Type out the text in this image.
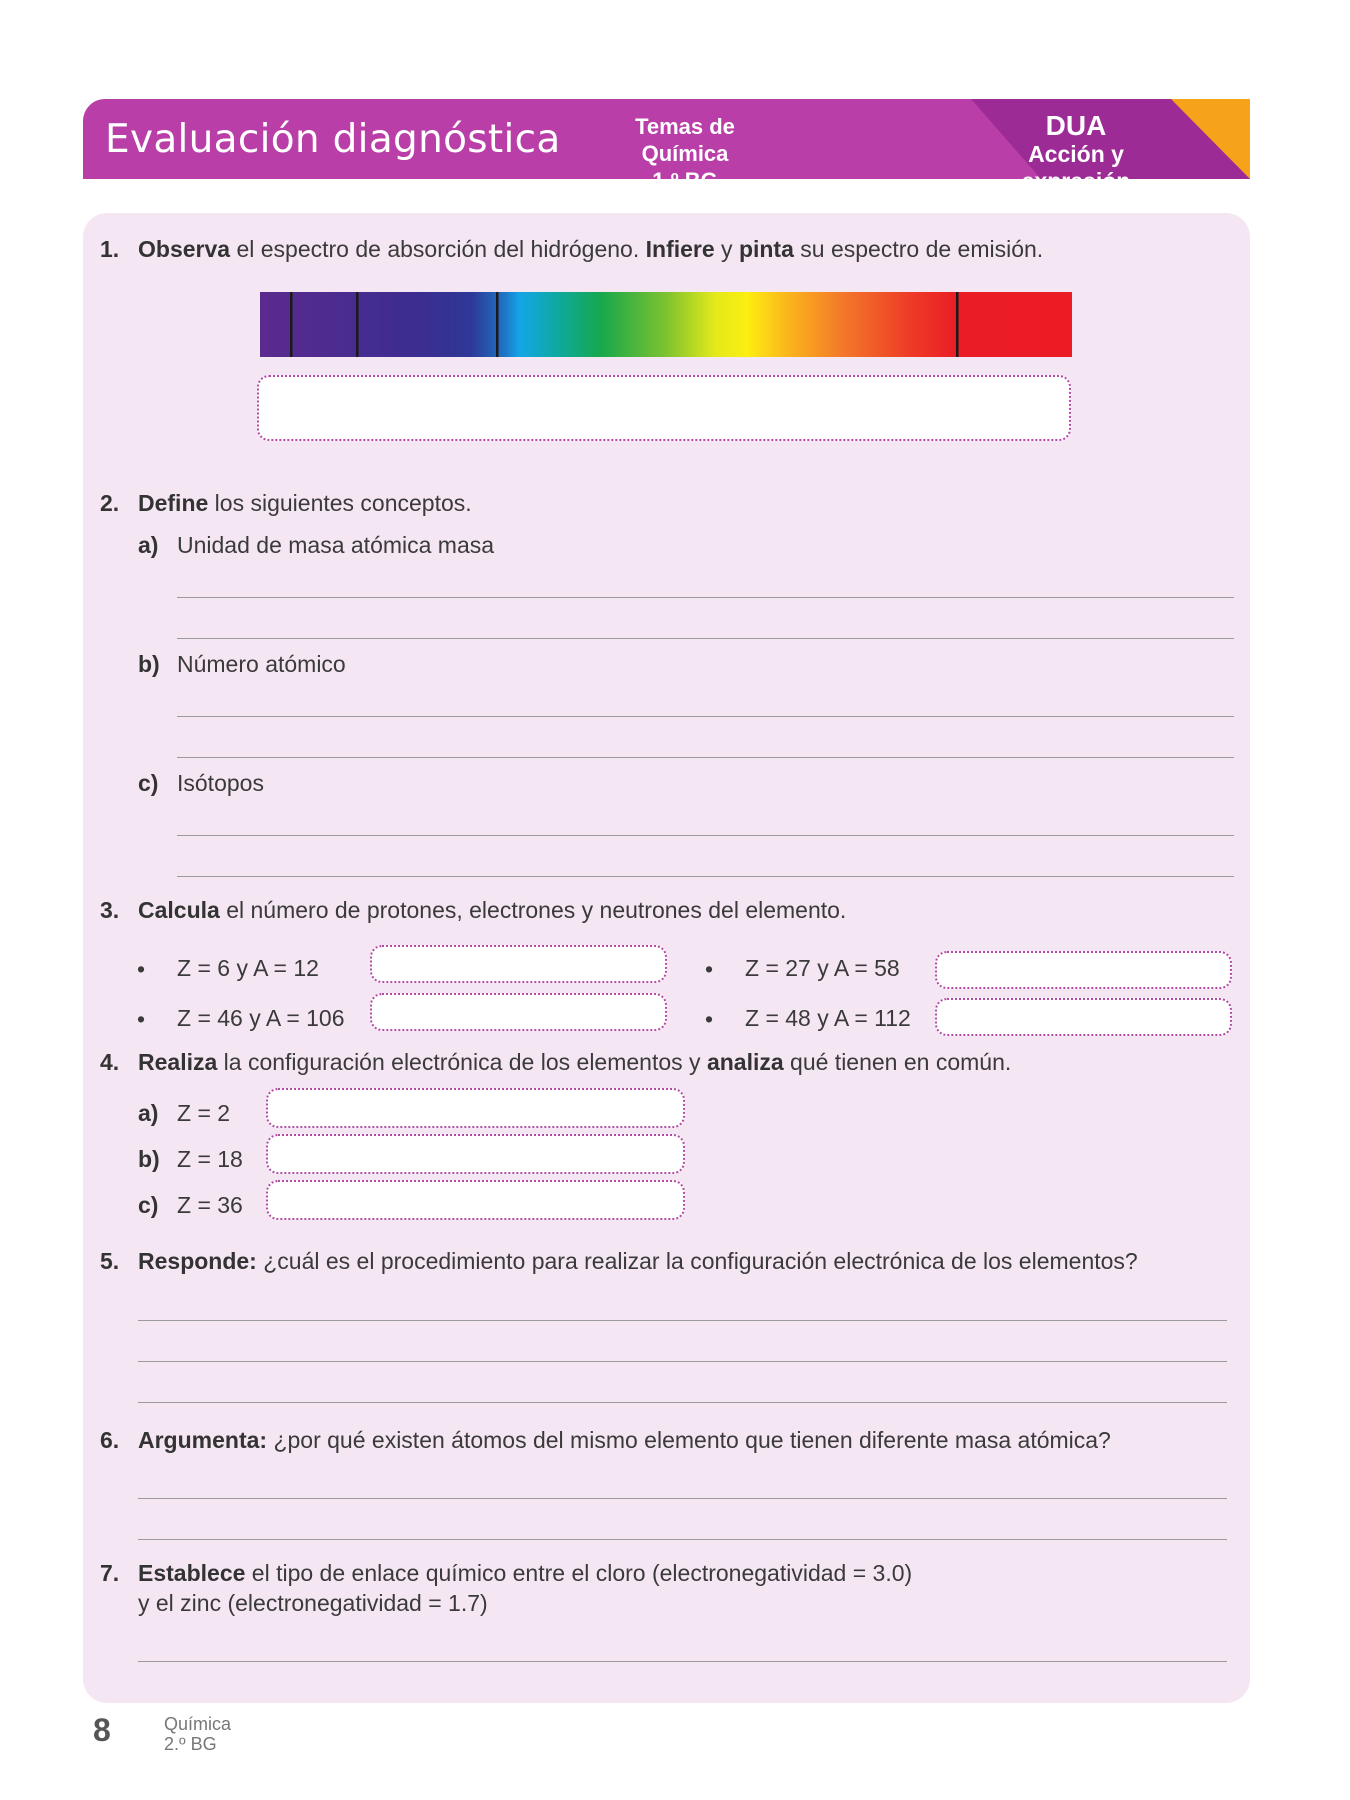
Evaluación diagnóstica	Temas de Química
1.º BG
DUA
Acción y expresión
1. Observa el espectro de absorción del hidrógeno. Infiere y pinta su espectro de emisión.
2. Define los siguientes conceptos.
a) Unidad de masa atómica masa
b) Número atómico
c) Isótopos
3. Calcula el número de protones, electrones y neutrones del elemento.
• Z = 6 y A = 12	• Z = 27 y A = 58
• Z = 46 y A = 106	• Z = 48 y A = 112
4. Realiza la configuración electrónica de los elementos y analiza qué tienen en común.
a) Z = 2
b) Z = 18
c) Z = 36
5. Responde: ¿cuál es el procedimiento para realizar la configuración electrónica de los elementos?
6. Argumenta: ¿por qué existen átomos del mismo elemento que tienen diferente masa atómica?
7. Establece el tipo de enlace químico entre el cloro (electronegatividad = 3.0)
y el zinc (electronegatividad = 1.7)
8	Química
2.º BG
